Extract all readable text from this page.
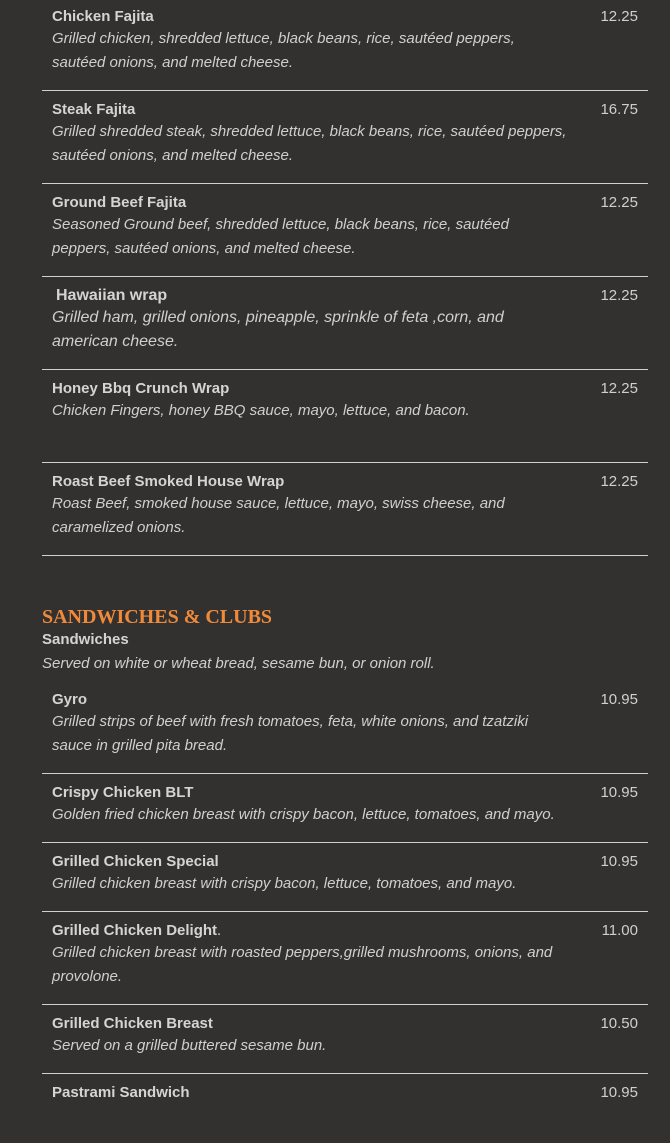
Chicken Fajita
Grilled chicken, shredded lettuce, black beans, rice, sautéed peppers, sautéed onions, and melted cheese.
12.25
Steak Fajita
Grilled shredded steak, shredded lettuce, black beans, rice, sautéed peppers, sautéed onions, and melted cheese.
16.75
Ground Beef Fajita
Seasoned Ground beef, shredded lettuce, black beans, rice, sautéed peppers, sautéed onions, and melted cheese.
12.25
Hawaiian wrap
Grilled ham, grilled onions, pineapple, sprinkle of feta ,corn, and american cheese.
12.25
Honey Bbq Crunch Wrap
Chicken Fingers, honey BBQ sauce, mayo, lettuce, and bacon.
12.25
Roast Beef Smoked House Wrap
Roast Beef, smoked house sauce, lettuce, mayo, swiss cheese, and caramelized onions.
12.25
SANDWICHES & CLUBS
Sandwiches
Served on white or wheat bread, sesame bun, or onion roll.
Gyro
Grilled strips of beef with fresh tomatoes, feta, white onions, and tzatziki sauce in grilled pita bread.
10.95
Crispy Chicken BLT
Golden fried chicken breast with crispy bacon, lettuce, tomatoes, and mayo.
10.95
Grilled Chicken Special
Grilled chicken breast with crispy bacon, lettuce, tomatoes, and mayo.
10.95
Grilled Chicken Delight.
Grilled chicken breast with roasted peppers,grilled mushrooms, onions, and provolone.
11.00
Grilled Chicken Breast
Served on a grilled buttered sesame bun.
10.50
Pastrami Sandwich	10.95
